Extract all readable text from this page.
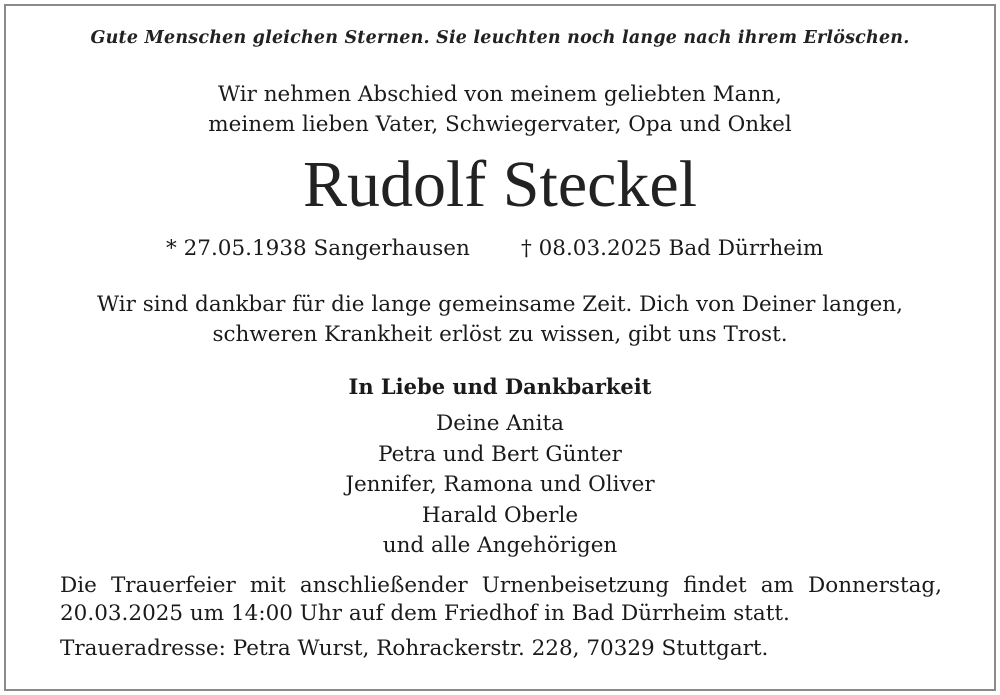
Gute Menschen gleichen Sternen. Sie leuchten noch lange nach ihrem Erlöschen.
Wir nehmen Abschied von meinem geliebten Mann,
meinem lieben Vater, Schwiegervater, Opa und Onkel
Rudolf Steckel
* 27.05.1938 Sangerhausen † 08.03.2025 Bad Dürrheim
Wir sind dankbar für die lange gemeinsame Zeit. Dich von Deiner langen,
schweren Krankheit erlöst zu wissen, gibt uns Trost.
In Liebe und Dankbarkeit
Deine Anita
Petra und Bert Günter
Jennifer, Ramona und Oliver
Harald Oberle
und alle Angehörigen
Die Trauerfeier mit anschließender Urnenbeisetzung findet am Donnerstag,
20.03.2025 um 14:00 Uhr auf dem Friedhof in Bad Dürrheim statt.
Traueradresse: Petra Wurst, Rohrackerstr. 228, 70329 Stuttgart.
